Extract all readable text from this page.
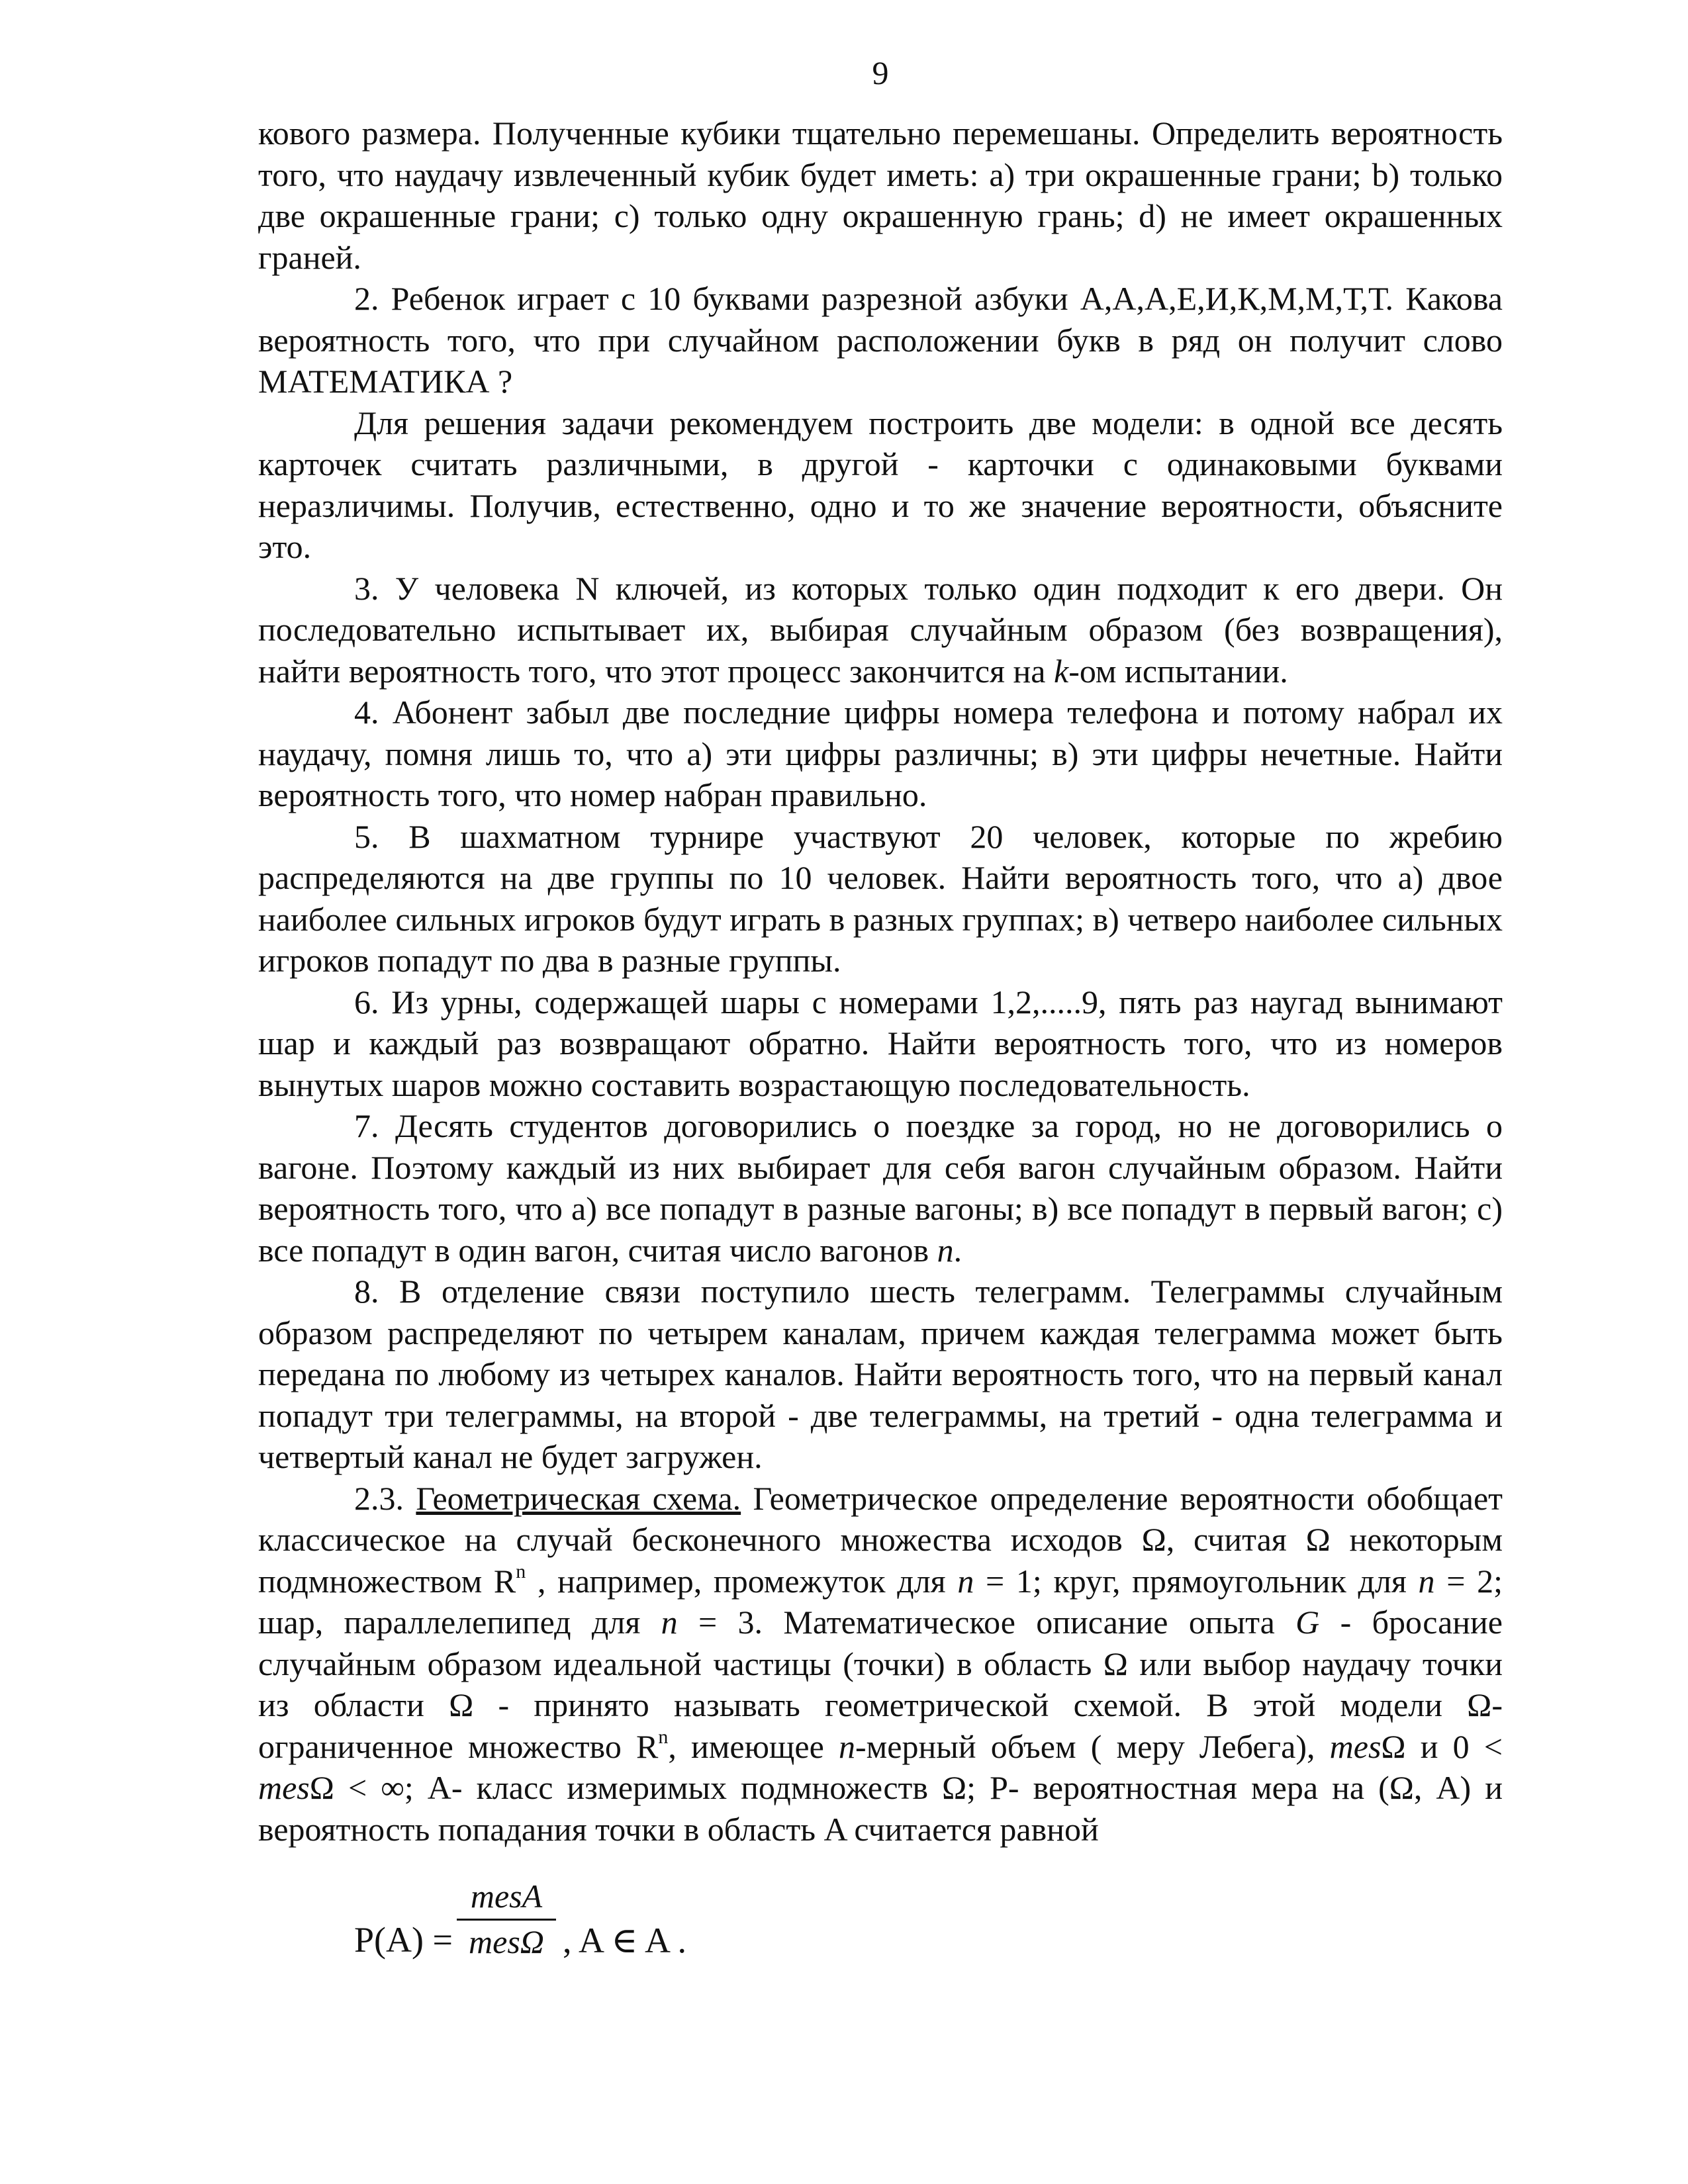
9

кового размера. Полученные кубики тщательно перемешаны. Определить вероятность того, что наудачу извлеченный кубик будет иметь: а) три окрашенные грани; b) только две окрашенные грани; с) только одну окрашенную грань; d) не имеет окрашенных граней.

2. Ребенок играет с 10 буквами разрезной азбуки А,А,А,Е,И,К,М,М,Т,Т. Какова вероятность того, что при случайном расположении букв в ряд он получит слово МАТЕМАТИКА ?

Для решения задачи рекомендуем построить две модели: в одной все десять карточек считать различными, в другой - карточки с одинаковыми буквами неразличимы. Получив, естественно, одно и то же значение вероятности, объясните это.

3. У человека N ключей, из которых только один подходит к его двери. Он последовательно испытывает их, выбирая случайным образом (без возвращения), найти вероятность того, что этот процесс закончится на k-ом испытании.

4. Абонент забыл две последние цифры номера телефона и потому набрал их наудачу, помня лишь то, что а) эти цифры различны; в) эти цифры нечетные. Найти вероятность того, что номер набран правильно.

5. В шахматном турнире участвуют 20 человек, которые по жребию распределяются на две группы по 10 человек. Найти вероятность того, что а) двое наиболее сильных игроков будут играть в разных группах; в) четверо наиболее сильных игроков попадут по два в разные группы.

6. Из урны, содержащей шары с номерами 1,2,.....9, пять раз наугад вынимают шар и каждый раз возвращают обратно. Найти вероятность того, что из номеров вынутых шаров можно составить возрастающую последовательность.

7. Десять студентов договорились о поездке за город, но не договорились о вагоне. Поэтому каждый из них выбирает для себя вагон случайным образом. Найти вероятность того, что а) все попадут в разные вагоны; в) все попадут в первый вагон; с) все попадут в один вагон, считая число вагонов n.

8. В отделение связи поступило шесть телеграмм. Телеграммы случайным образом распределяют по четырем каналам, причем каждая телеграмма может быть передана по любому из четырех каналов. Найти вероятность того, что на первый канал попадут три телеграммы, на второй - две телеграммы, на третий - одна телеграмма и четвертый канал не будет загружен.

2.3. Геометрическая схема. Геометрическое определение вероятности обобщает классическое на случай бесконечного множества исходов Ω, считая Ω некоторым подмножеством $R^n$ , например, промежуток для n = 1; круг, прямоугольник для n = 2; шар, параллелепипед для n = 3. Математическое описание опыта G - бросание случайным образом идеальной частицы (точки) в область Ω или выбор наудачу точки из области Ω - принято называть геометрической схемой. В этой модели Ω- ограниченное множество $R^n$, имеющее n-мерный объем ( меру Лебега), mesΩ и 0 < mesΩ < ∞; A- класс измеримых подмножеств Ω; P- вероятностная мера на (Ω, A) и вероятность попадания точки в область A считается равной

P(A) =
mesA
mesΩ , A ∈ A .
